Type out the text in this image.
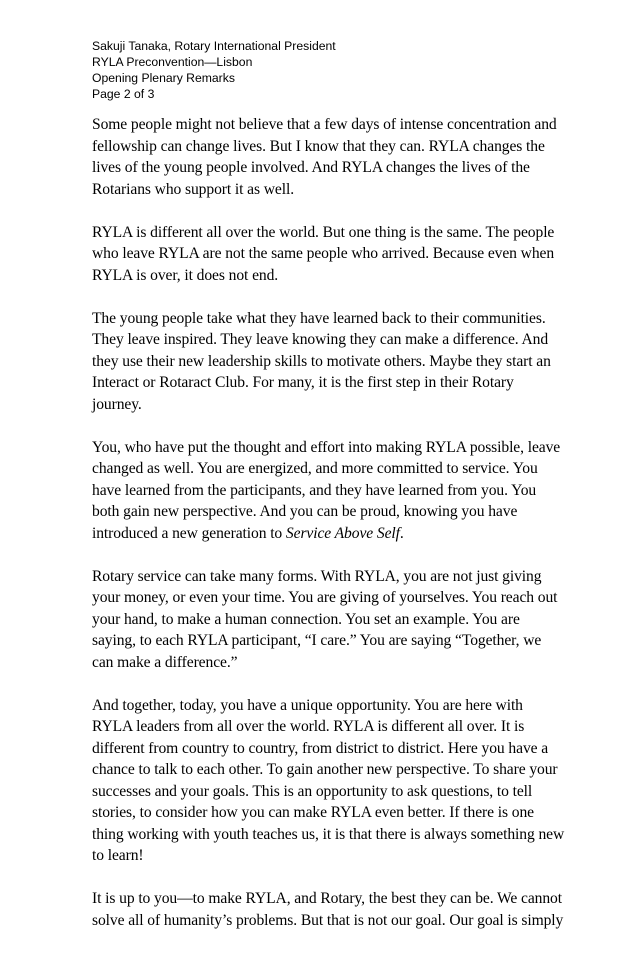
Sakuji Tanaka, Rotary International President
RYLA Preconvention—Lisbon
Opening Plenary Remarks
Page 2 of 3
Some people might not believe that a few days of intense concentration and
fellowship can change lives. But I know that they can. RYLA changes the
lives of the young people involved. And RYLA changes the lives of the
Rotarians who support it as well.
RYLA is different all over the world. But one thing is the same. The people
who leave RYLA are not the same people who arrived. Because even when
RYLA is over, it does not end.
The young people take what they have learned back to their communities.
They leave inspired. They leave knowing they can make a difference. And
they use their new leadership skills to motivate others. Maybe they start an
Interact or Rotaract Club. For many, it is the first step in their Rotary
journey.
You, who have put the thought and effort into making RYLA possible, leave
changed as well. You are energized, and more committed to service. You
have learned from the participants, and they have learned from you. You
both gain new perspective. And you can be proud, knowing you have
introduced a new generation to Service Above Self.
Rotary service can take many forms. With RYLA, you are not just giving
your money, or even your time. You are giving of yourselves. You reach out
your hand, to make a human connection. You set an example. You are
saying, to each RYLA participant, “I care.” You are saying “Together, we
can make a difference.”
And together, today, you have a unique opportunity. You are here with
RYLA leaders from all over the world. RYLA is different all over. It is
different from country to country, from district to district. Here you have a
chance to talk to each other. To gain another new perspective. To share your
successes and your goals. This is an opportunity to ask questions, to tell
stories, to consider how you can make RYLA even better. If there is one
thing working with youth teaches us, it is that there is always something new
to learn!
It is up to you—to make RYLA, and Rotary, the best they can be. We cannot
solve all of humanity’s problems. But that is not our goal. Our goal is simply
